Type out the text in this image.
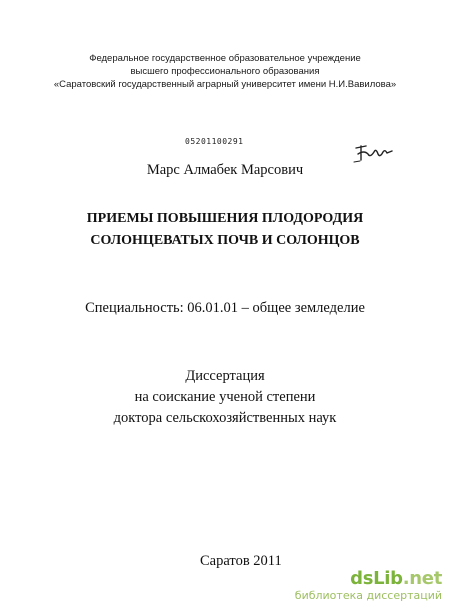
Федеральное государственное образовательное учреждение
высшего профессионального образования
«Саратовский государственный аграрный университет имени Н.И.Вавилова»
05201100291
Марс Алмабек Марсович
ПРИЕМЫ ПОВЫШЕНИЯ ПЛОДОРОДИЯ
СОЛОНЦЕВАТЫХ ПОЧВ И СОЛОНЦОВ
Специальность: 06.01.01 – общее земледелие
Диссертация
на соискание ученой степени
доктора сельскохозяйственных наук
Саратов 2011
dsLib.net
библиотека диссертаций
